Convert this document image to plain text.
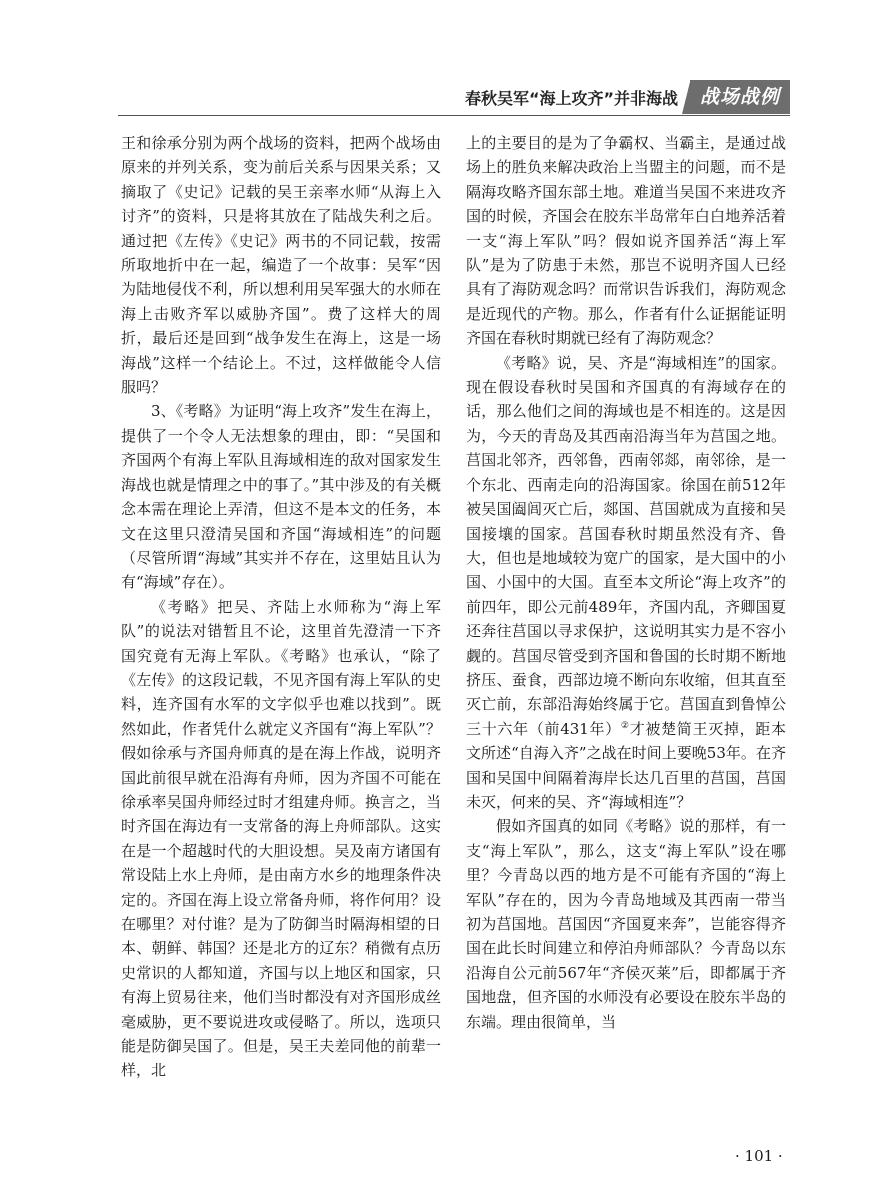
春秋吴军“海上攻齐”并非海战	战场战例

王和徐承分别为两个战场的资料，把两个战场由原来的并列关系，变为前后关系与因果关系；又摘取了《史记》记载的吴王亲率水师“从海上入讨齐”的资料，只是将其放在了陆战失利之后。通过把《左传》《史记》两书的不同记载，按需所取地折中在一起，编造了一个故事：吴军“因为陆地侵伐不利，所以想利用吴军强大的水师在海上击败齐军以威胁齐国”。费了这样大的周折，最后还是回到“战争发生在海上，这是一场海战”这样一个结论上。不过，这样做能令人信服吗？

3、《考略》为证明“海上攻齐”发生在海上，提供了一个令人无法想象的理由，即：“吴国和齐国两个有海上军队且海域相连的敌对国家发生海战也就是情理之中的事了。”其中涉及的有关概念本需在理论上弄清，但这不是本文的任务，本文在这里只澄清吴国和齐国“海域相连”的问题（尽管所谓“海域”其实并不存在，这里姑且认为有“海域”存在）。

《考略》把吴、齐陆上水师称为“海上军队”的说法对错暂且不论，这里首先澄清一下齐国究竟有无海上军队。《考略》也承认，“除了《左传》的这段记载，不见齐国有海上军队的史料，连齐国有水军的文字似乎也难以找到”。既然如此，作者凭什么就定义齐国有“海上军队”？假如徐承与齐国舟师真的是在海上作战，说明齐国此前很早就在沿海有舟师，因为齐国不可能在徐承率吴国舟师经过时才组建舟师。换言之，当时齐国在海边有一支常备的海上舟师部队。这实在是一个超越时代的大胆设想。吴及南方诸国有常设陆上水上舟师，是由南方水乡的地理条件决定的。齐国在海上设立常备舟师，将作何用？设在哪里？对付谁？是为了防御当时隔海相望的日本、朝鲜、韩国？还是北方的辽东？稍微有点历史常识的人都知道，齐国与以上地区和国家，只有海上贸易往来，他们当时都没有对齐国形成丝毫威胁，更不要说进攻或侵略了。所以，选项只能是防御吴国了。但是，吴王夫差同他的前辈一样，北

上的主要目的是为了争霸权、当霸主，是通过战场上的胜负来解决政治上当盟主的问题，而不是隔海攻略齐国东部土地。难道当吴国不来进攻齐国的时候，齐国会在胶东半岛常年白白地养活着一支“海上军队”吗？假如说齐国养活“海上军队”是为了防患于未然，那岂不说明齐国人已经具有了海防观念吗？而常识告诉我们，海防观念是近现代的产物。那么，作者有什么证据能证明齐国在春秋时期就已经有了海防观念？

《考略》说，吴、齐是“海域相连”的国家。现在假设春秋时吴国和齐国真的有海域存在的话，那么他们之间的海域也是不相连的。这是因为，今天的青岛及其西南沿海当年为莒国之地。莒国北邻齐，西邻鲁，西南邻郯，南邻徐，是一个东北、西南走向的沿海国家。徐国在前512年被吴国阖闾灭亡后，郯国、莒国就成为直接和吴国接壤的国家。莒国春秋时期虽然没有齐、鲁大，但也是地域较为宽广的国家，是大国中的小国、小国中的大国。直至本文所论“海上攻齐”的前四年，即公元前489年，齐国内乱，齐卿国夏还奔往莒国以寻求保护，这说明其实力是不容小觑的。莒国尽管受到齐国和鲁国的长时期不断地挤压、蚕食，西部边境不断向东收缩，但其直至灭亡前，东部沿海始终属于它。莒国直到鲁悼公三十六年（前431年）②才被楚简王灭掉，距本文所述“自海入齐”之战在时间上要晚53年。在齐国和吴国中间隔着海岸长达几百里的莒国，莒国未灭，何来的吴、齐“海域相连”？

假如齐国真的如同《考略》说的那样，有一支“海上军队”，那么，这支“海上军队”设在哪里？今青岛以西的地方是不可能有齐国的“海上军队”存在的，因为今青岛地域及其西南一带当初为莒国地。莒国因“齐国夏来奔”，岂能容得齐国在此长时间建立和停泊舟师部队？今青岛以东沿海自公元前567年“齐侯灭莱”后，即都属于齐国地盘，但齐国的水师没有必要设在胶东半岛的东端。理由很简单，当

· 101 ·
